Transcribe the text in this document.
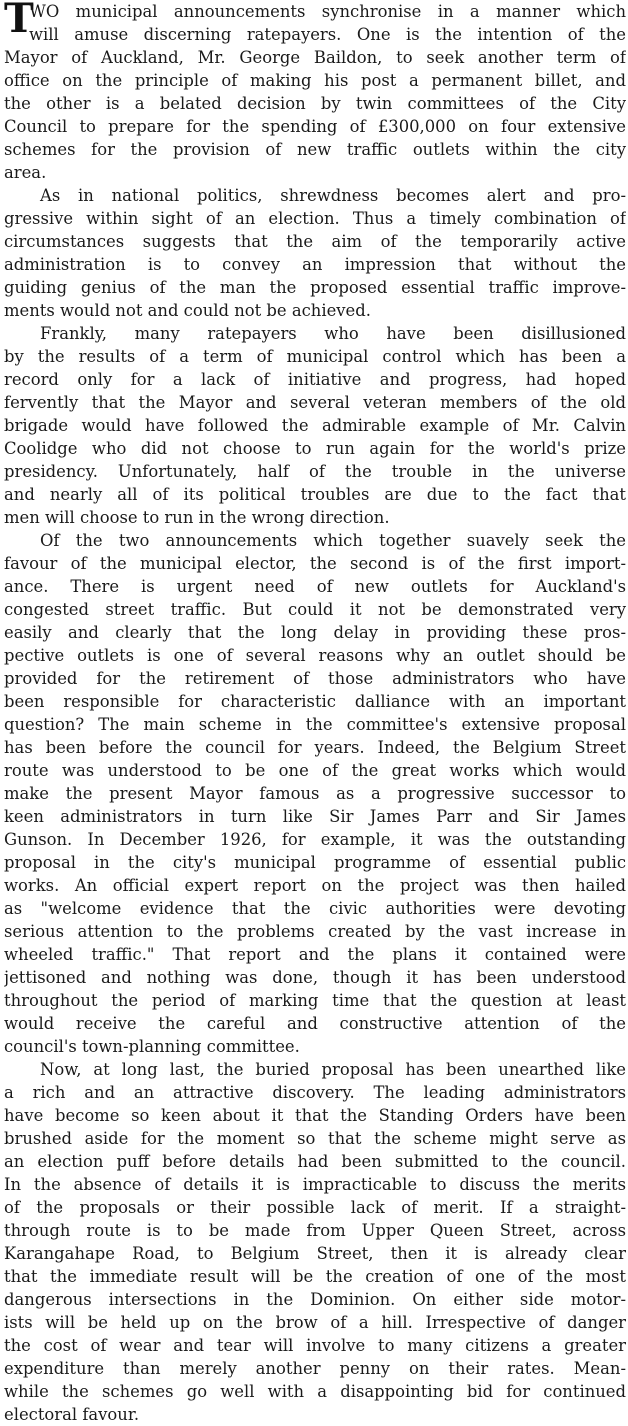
T
WO municipal announcements synchronise in a manner which
will amuse discerning ratepayers. One is the intention of the
Mayor of Auckland, Mr. George Baildon, to seek another term of
office on the principle of making his post a permanent billet, and
the other is a belated decision by twin committees of the City
Council to prepare for the spending of £300,000 on four extensive
schemes for the provision of new traffic outlets within the city
area.
As in national politics, shrewdness becomes alert and pro-
gressive within sight of an election. Thus a timely combination of
circumstances suggests that the aim of the temporarily active
administration is to convey an impression that without the
guiding genius of the man the proposed essential traffic improve-
ments would not and could not be achieved.
Frankly, many ratepayers who have been disillusioned
by the results of a term of municipal control which has been a
record only for a lack of initiative and progress, had hoped
fervently that the Mayor and several veteran members of the old
brigade would have followed the admirable example of Mr. Calvin
Coolidge who did not choose to run again for the world's prize
presidency. Unfortunately, half of the trouble in the universe
and nearly all of its political troubles are due to the fact that
men will choose to run in the wrong direction.
Of the two announcements which together suavely seek the
favour of the municipal elector, the second is of the first import-
ance. There is urgent need of new outlets for Auckland's
congested street traffic. But could it not be demonstrated very
easily and clearly that the long delay in providing these pros-
pective outlets is one of several reasons why an outlet should be
provided for the retirement of those administrators who have
been responsible for characteristic dalliance with an important
question? The main scheme in the committee's extensive proposal
has been before the council for years. Indeed, the Belgium Street
route was understood to be one of the great works which would
make the present Mayor famous as a progressive successor to
keen administrators in turn like Sir James Parr and Sir James
Gunson. In December 1926, for example, it was the outstanding
proposal in the city's municipal programme of essential public
works. An official expert report on the project was then hailed
as "welcome evidence that the civic authorities were devoting
serious attention to the problems created by the vast increase in
wheeled traffic." That report and the plans it contained were
jettisoned and nothing was done, though it has been understood
throughout the period of marking time that the question at least
would receive the careful and constructive attention of the
council's town-planning committee.
Now, at long last, the buried proposal has been unearthed like
a rich and an attractive discovery. The leading administrators
have become so keen about it that the Standing Orders have been
brushed aside for the moment so that the scheme might serve as
an election puff before details had been submitted to the council.
In the absence of details it is impracticable to discuss the merits
of the proposals or their possible lack of merit. If a straight-
through route is to be made from Upper Queen Street, across
Karangahape Road, to Belgium Street, then it is already clear
that the immediate result will be the creation of one of the most
dangerous intersections in the Dominion. On either side motor-
ists will be held up on the brow of a hill. Irrespective of danger
the cost of wear and tear will involve to many citizens a greater
expenditure than merely another penny on their rates. Mean-
while the schemes go well with a disappointing bid for continued
electoral favour.
